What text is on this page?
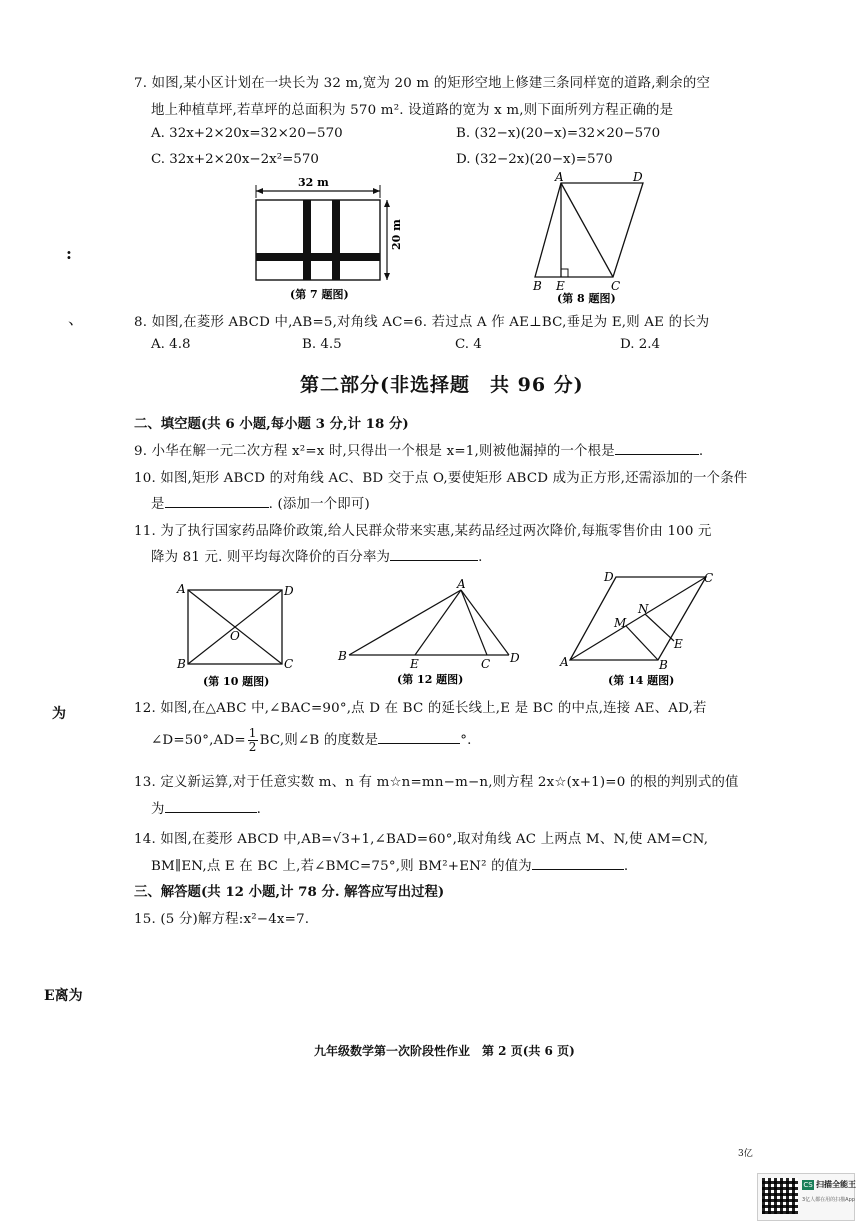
:
、
为
E离为
7. 如图,某小区计划在一块长为 32 m,宽为 20 m 的矩形空地上修建三条同样宽的道路,剩余的空
地上种植草坪,若草坪的总面积为 570 m². 设道路的宽为 x m,则下面所列方程正确的是
A. 32x+2×20x=32×20−570	B. (32−x)(20−x)=32×20−570
C. 32x+2×20x−2x²=570	D. (32−2x)(20−x)=570
32 m
20 m
(第 7 题图)
A	D
B E	C
(第 8 题图)
8. 如图,在菱形 ABCD 中,AB=5,对角线 AC=6. 若过点 A 作 AE⊥BC,垂足为 E,则 AE 的长为
A. 4.8	B. 4.5	C. 4	D. 2.4
第二部分(非选择题　共 96 分)
二、填空题(共 6 小题,每小题 3 分,计 18 分)
9. 小华在解一元二次方程 x²=x 时,只得出一个根是 x=1,则被他漏掉的一个根是	.
10. 如图,矩形 ABCD 的对角线 AC、BD 交于点 O,要使矩形 ABCD 成为正方形,还需添加的一个条件
是	. (添加一个即可)
11. 为了执行国家药品降价政策,给人民群众带来实惠,某药品经过两次降价,每瓶零售价由 100 元
降为 81 元. 则平均每次降价的百分率为	.
A	D
B	C
O
(第 10 题图)
A
B
E	C D
(第 12 题图)
D	C
M
N
E
A	B
(第 14 题图)
12. 如图,在△ABC 中,∠BAC=90°,点 D 在 BC 的延长线上,E 是 BC 的中点,连接 AE、AD,若
∠D=50°,AD= $\frac{1}{2}$ BC,则∠B 的度数是	°.
13. 定义新运算,对于任意实数 m、n 有 m☆n=mn−m−n,则方程 2x☆(x+1)=0 的根的判别式的值
为	.
14. 如图,在菱形 ABCD 中,AB=√3+1,∠BAD=60°,取对角线 AC 上两点 M、N,使 AM=CN,
BM∥EN,点 E 在 BC 上,若∠BMC=75°,则 BM²+EN² 的值为	.
三、解答题(共 12 小题,计 78 分. 解答应写出过程)
15. (5 分)解方程:x²−4x=7.
九年级数学第一次阶段性作业　第 2 页(共 6 页)
3亿
CS 扫描全能王
3亿人都在用的扫描App
